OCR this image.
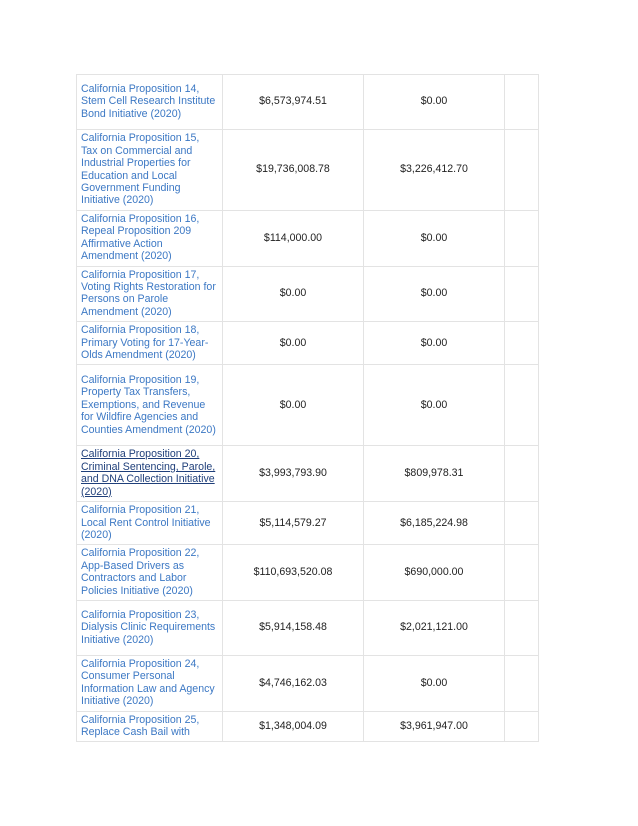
California Proposition 14, Stem Cell Research Institute Bond Initiative (2020)	$6,573,974.51	$0.00	
California Proposition 15, Tax on Commercial and Industrial Properties for Education and Local Government Funding Initiative (2020)	$19,736,008.78	$3,226,412.70	
California Proposition 16, Repeal Proposition 209 Affirmative Action Amendment (2020)	$114,000.00	$0.00	
California Proposition 17, Voting Rights Restoration for Persons on Parole Amendment (2020)	$0.00	$0.00	
California Proposition 18, Primary Voting for 17-Year-Olds Amendment (2020)	$0.00	$0.00	
California Proposition 19, Property Tax Transfers, Exemptions, and Revenue for Wildfire Agencies and Counties Amendment (2020)	$0.00	$0.00	
California Proposition 20, Criminal Sentencing, Parole, and DNA Collection Initiative (2020)	$3,993,793.90	$809,978.31	
California Proposition 21, Local Rent Control Initiative (2020)	$5,114,579.27	$6,185,224.98	
California Proposition 22, App-Based Drivers as Contractors and Labor Policies Initiative (2020)	$110,693,520.08	$690,000.00	
California Proposition 23, Dialysis Clinic Requirements Initiative (2020)	$5,914,158.48	$2,021,121.00	
California Proposition 24, Consumer Personal Information Law and Agency Initiative (2020)	$4,746,162.03	$0.00	
California Proposition 25, Replace Cash Bail with	$1,348,004.09	$3,961,947.00	
